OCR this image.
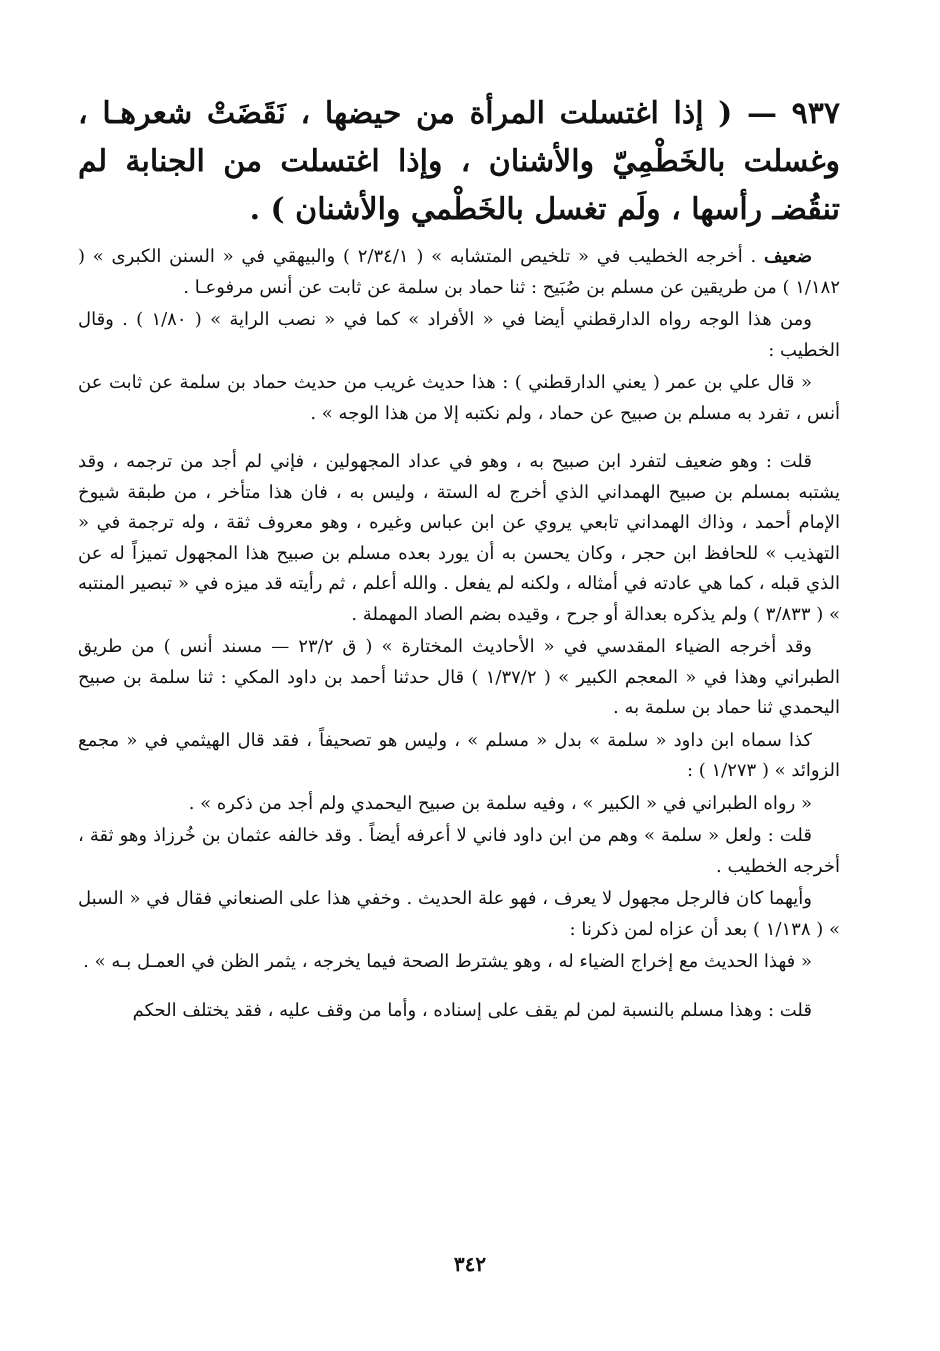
٩٣٧ — ( إذا اغتسلت المرأة من حيضها ، نَقَضَتْ شعرهـا ، وغسلت بالخَطْمِيّ والأشنان ، وإذا اغتسلت من الجنابة لم تنقُضـ رأسها ، ولَم تغسل بالخَطْمي والأشنان ) .

ضعيف . أخرجه الخطيب في « تلخيص المتشابه » ( ٢/٣٤/١ ) والبيهقي في « السنن الكبرى » ( ١/١٨٢ ) من طريقين عن مسلم بن صُبَيح : ثنا حماد بن سلمة عن ثابت عن أنس مرفوعـا .

ومن هذا الوجه رواه الدارقطني أيضا في « الأفراد » كما في « نصب الراية » ( ١/٨٠ ) . وقال الخطيب :

« قال علي بن عمر ( يعني الدارقطني ) : هذا حديث غريب من حديث حماد بن سلمة عن ثابت عن أنس ، تفرد به مسلم بن صبيح عن حماد ، ولم نكتبه إلا من هذا الوجه » .

قلت : وهو ضعيف لتفرد ابن صبيح به ، وهو في عداد المجهولين ، فإني لم أجد من ترجمه ، وقد يشتبه بمسلم بن صبيح الهمداني الذي أخرج له الستة ، وليس به ، فان هذا متأخر ، من طبقة شيوخ الإمام أحمد ، وذاك الهمداني تابعي يروي عن ابن عباس وغيره ، وهو معروف ثقة ، وله ترجمة في « التهذيب » للحافظ ابن حجر ، وكان يحسن به أن يورد بعده مسلم بن صبيح هذا المجهول تميزاً له عن الذي قبله ، كما هي عادته في أمثاله ، ولكنه لم يفعل . والله أعلم ، ثم رأيته قد ميزه في « تبصير المنتبه » ( ٣/٨٣٣ ) ولم يذكره بعدالة أو جرح ، وقيده بضم الصاد المهملة .

وقد أخرجه الضياء المقدسي في « الأحاديث المختارة » ( ق ٢٣/٢ — مسند أنس ) من طريق الطبراني وهذا في « المعجم الكبير » ( ١/٣٧/٢ ) قال حدثنا أحمد بن داود المكي : ثنا سلمة بن صبيح اليحمدي ثنا حماد بن سلمة به .

كذا سماه ابن داود « سلمة » بدل « مسلم » ، وليس هو تصحيفاً ، فقد قال الهيثمي في « مجمع الزوائد » ( ١/٢٧٣ ) :

« رواه الطبراني في « الكبير » ، وفيه سلمة بن صبيح اليحمدي ولم أجد من ذكره » .

قلت : ولعل « سلمة » وهم من ابن داود فاني لا أعرفه أيضاً . وقد خالفه عثمان بن خُرزاذ وهو ثقة ، أخرجه الخطيب .

وأيهما كان فالرجل مجهول لا يعرف ، فهو علة الحديث . وخفي هذا على الصنعاني فقال في « السبل » ( ١/١٣٨ ) بعد أن عزاه لمن ذكرنا :

« فهذا الحديث مع إخراج الضياء له ، وهو يشترط الصحة فيما يخرجه ، يثمر الظن في العمـل بـه » .

قلت : وهذا مسلم بالنسبة لمن لم يقف على إسناده ، وأما من وقف عليه ، فقد يختلف الحكم

٣٤٢
